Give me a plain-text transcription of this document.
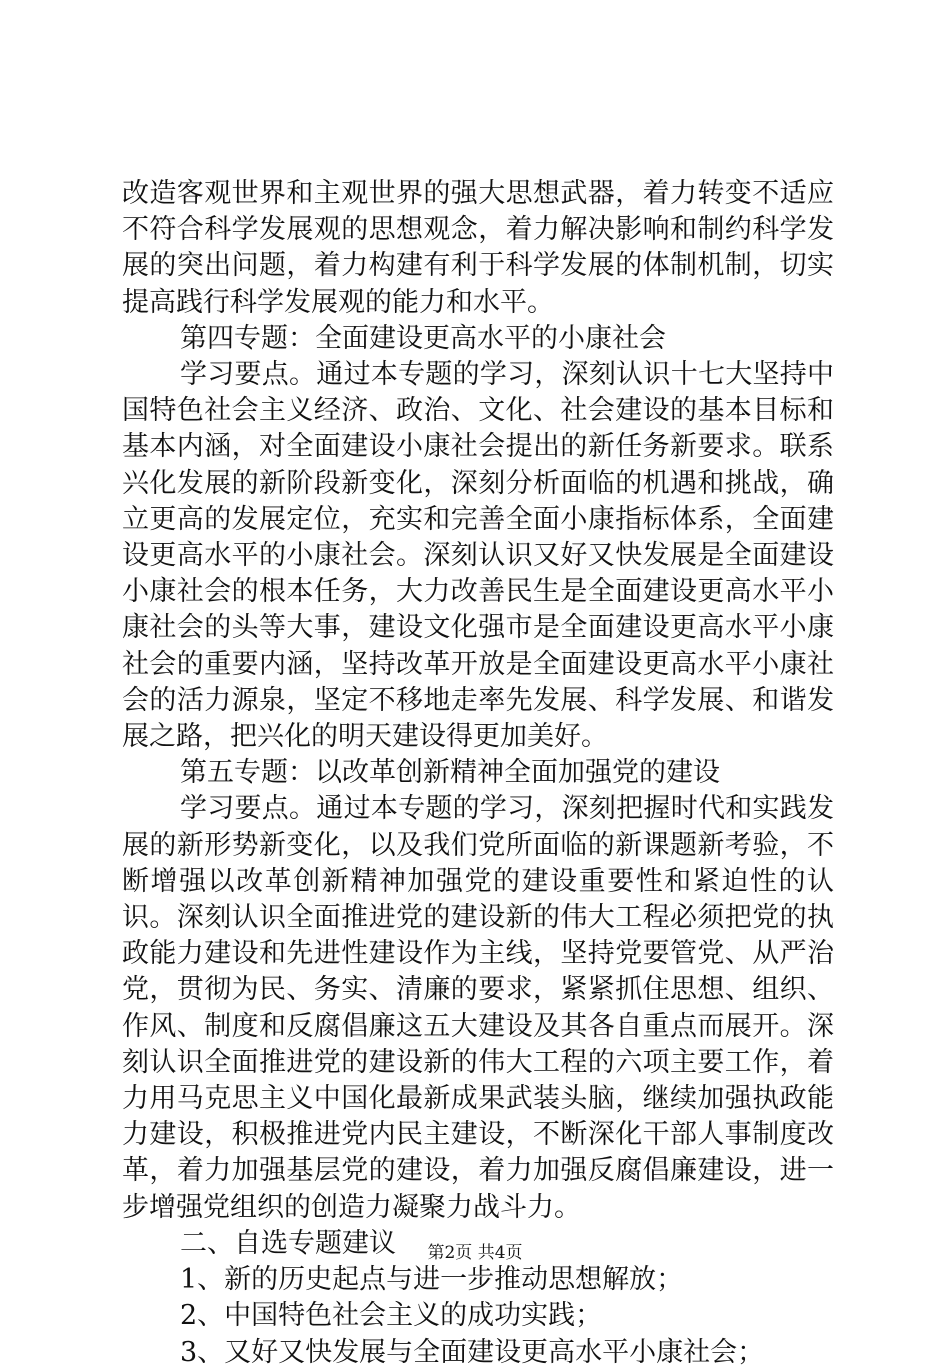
改造客观世界和主观世界的强大思想武器，着力转变不适应不符合科学发展观的思想观念，着力解决影响和制约科学发展的突出问题，着力构建有利于科学发展的体制机制，切实提高践行科学发展观的能力和水平。

第四专题：全面建设更高水平的小康社会

学习要点。通过本专题的学习，深刻认识十七大坚持中国特色社会主义经济、政治、文化、社会建设的基本目标和基本内涵，对全面建设小康社会提出的新任务新要求。联系兴化发展的新阶段新变化，深刻分析面临的机遇和挑战，确立更高的发展定位，充实和完善全面小康指标体系，全面建设更高水平的小康社会。深刻认识又好又快发展是全面建设小康社会的根本任务，大力改善民生是全面建设更高水平小康社会的头等大事，建设文化强市是全面建设更高水平小康社会的重要内涵，坚持改革开放是全面建设更高水平小康社会的活力源泉，坚定不移地走率先发展、科学发展、和谐发展之路，把兴化的明天建设得更加美好。

第五专题：以改革创新精神全面加强党的建设

学习要点。通过本专题的学习，深刻把握时代和实践发展的新形势新变化，以及我们党所面临的新课题新考验，不断增强以改革创新精神加强党的建设重要性和紧迫性的认识。深刻认识全面推进党的建设新的伟大工程必须把党的执政能力建设和先进性建设作为主线，坚持党要管党、从严治党，贯彻为民、务实、清廉的要求，紧紧抓住思想、组织、作风、制度和反腐倡廉这五大建设及其各自重点而展开。深刻认识全面推进党的建设新的伟大工程的六项主要工作，着力用马克思主义中国化最新成果武装头脑，继续加强执政能力建设，积极推进党内民主建设，不断深化干部人事制度改革，着力加强基层党的建设，着力加强反腐倡廉建设，进一步增强党组织的创造力凝聚力战斗力。

二、自选专题建议

1、新的历史起点与进一步推动思想解放；

2、中国特色社会主义的成功实践；

3、又好又快发展与全面建设更高水平小康社会；

第2页 共4页
